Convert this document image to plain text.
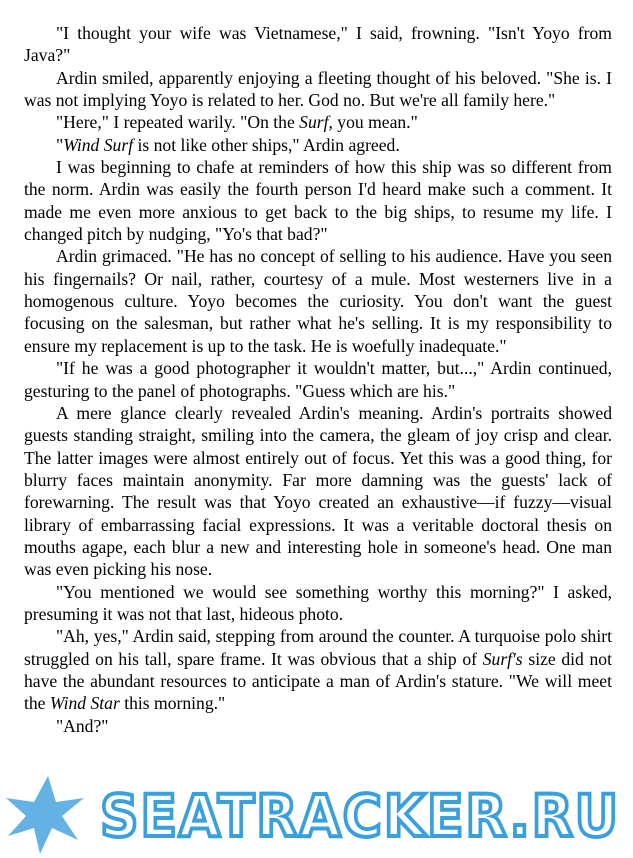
"I thought your wife was Vietnamese," I said, frowning. "Isn't Yoyo from Java?"

Ardin smiled, apparently enjoying a fleeting thought of his beloved. "She is. I was not implying Yoyo is related to her. God no. But we're all family here."

"Here," I repeated warily. "On the Surf, you mean."

"Wind Surf is not like other ships," Ardin agreed.

I was beginning to chafe at reminders of how this ship was so different from the norm. Ardin was easily the fourth person I'd heard make such a comment. It made me even more anxious to get back to the big ships, to resume my life. I changed pitch by nudging, "Yo's that bad?"

Ardin grimaced. "He has no concept of selling to his audience. Have you seen his fingernails? Or nail, rather, courtesy of a mule. Most westerners live in a homogenous culture. Yoyo becomes the curiosity. You don't want the guest focusing on the salesman, but rather what he's selling. It is my responsibility to ensure my replacement is up to the task. He is woefully inadequate."

"If he was a good photographer it wouldn't matter, but...," Ardin continued, gesturing to the panel of photographs. "Guess which are his."

A mere glance clearly revealed Ardin's meaning. Ardin's portraits showed guests standing straight, smiling into the camera, the gleam of joy crisp and clear. The latter images were almost entirely out of focus. Yet this was a good thing, for blurry faces maintain anonymity. Far more damning was the guests' lack of forewarning. The result was that Yoyo created an exhaustive—if fuzzy—visual library of embarrassing facial expressions. It was a veritable doctoral thesis on mouths agape, each blur a new and interesting hole in someone's head. One man was even picking his nose.

"You mentioned we would see something worthy this morning?" I asked, presuming it was not that last, hideous photo.

"Ah, yes," Ardin said, stepping from around the counter. A turquoise polo shirt struggled on his tall, spare frame. It was obvious that a ship of Surf's size did not have the abundant resources to anticipate a man of Ardin's stature. "We will meet the Wind Star this morning."

"And?"

SEATRACKER.RU
